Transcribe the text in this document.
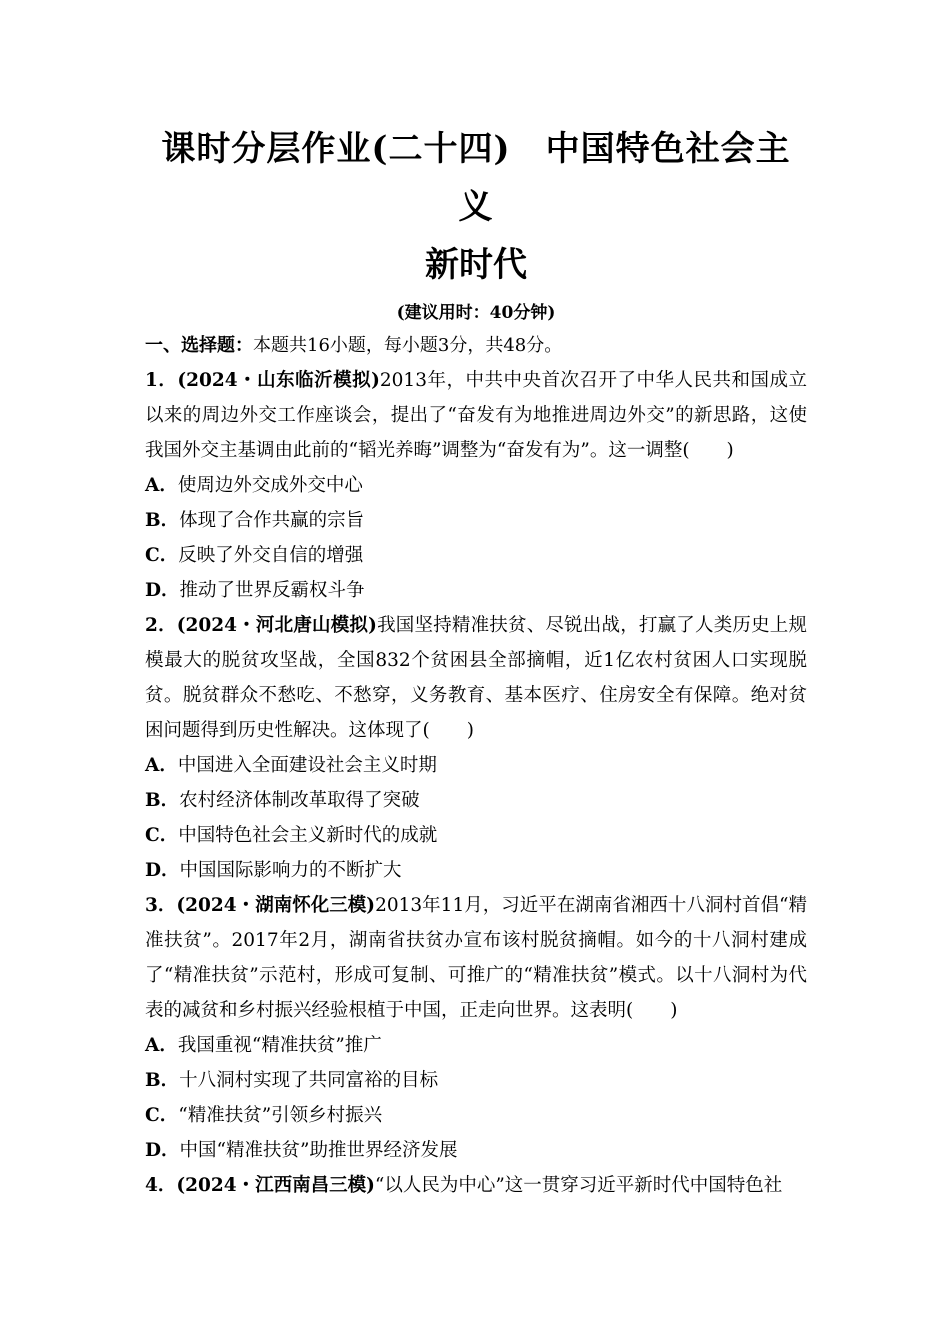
课时分层作业(二十四)　中国特色社会主义
新时代

(建议用时：40分钟)

一、选择题：本题共16小题，每小题3分，共48分。

1．(2024・山东临沂模拟)2013年，中共中央首次召开了中华人民共和国成立以来的周边外交工作座谈会，提出了“奋发有为地推进周边外交”的新思路，这使我国外交主基调由此前的“韬光养晦”调整为“奋发有为”。这一调整(　　)

A．使周边外交成外交中心

B．体现了合作共赢的宗旨

C．反映了外交自信的增强

D．推动了世界反霸权斗争

2．(2024・河北唐山模拟)我国坚持精准扶贫、尽锐出战，打赢了人类历史上规模最大的脱贫攻坚战，全国832个贫困县全部摘帽，近1亿农村贫困人口实现脱贫。脱贫群众不愁吃、不愁穿，义务教育、基本医疗、住房安全有保障。绝对贫困问题得到历史性解决。这体现了(　　)

A．中国进入全面建设社会主义时期

B．农村经济体制改革取得了突破

C．中国特色社会主义新时代的成就

D．中国国际影响力的不断扩大

3．(2024・湖南怀化三模)2013年11月，习近平在湖南省湘西十八洞村首倡“精准扶贫”。2017年2月，湖南省扶贫办宣布该村脱贫摘帽。如今的十八洞村建成了“精准扶贫”示范村，形成可复制、可推广的“精准扶贫”模式。以十八洞村为代表的减贫和乡村振兴经验根植于中国，正走向世界。这表明(　　)

A．我国重视“精准扶贫”推广

B．十八洞村实现了共同富裕的目标

C．“精准扶贫”引领乡村振兴

D．中国“精准扶贫”助推世界经济发展

4．(2024・江西南昌三模)“以人民为中心”这一贯穿习近平新时代中国特色社
